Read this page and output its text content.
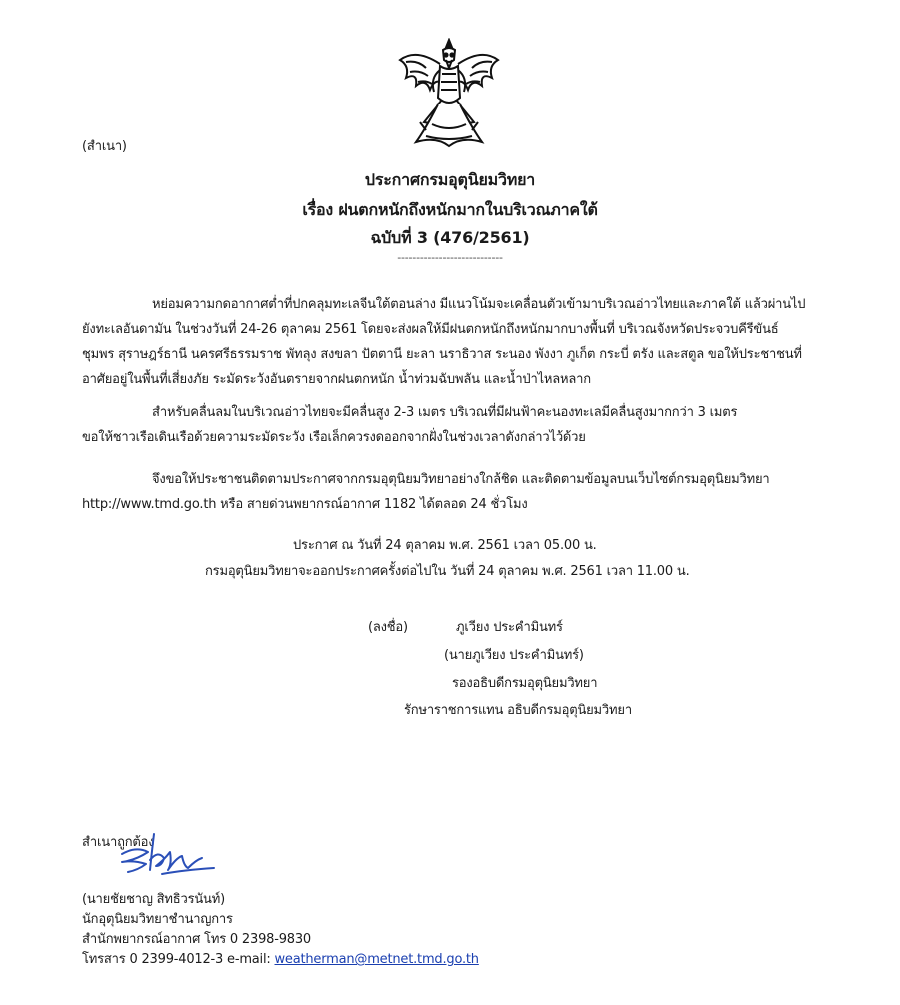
(สำเนา)
ประกาศกรมอุตุนิยมวิทยา
เรื่อง ฝนตกหนักถึงหนักมากในบริเวณภาคใต้
ฉบับที่ 3 (476/2561)
----------------------------
หย่อมความกดอากาศต่ำที่ปกคลุมทะเลจีนใต้ตอนล่าง มีแนวโน้มจะเคลื่อนตัวเข้ามาบริเวณอ่าวไทยและภาคใต้ แล้วผ่านไป
ยังทะเลอันดามัน ในช่วงวันที่ 24-26 ตุลาคม 2561 โดยจะส่งผลให้มีฝนตกหนักถึงหนักมากบางพื้นที่ บริเวณจังหวัดประจวบคีรีขันธ์
ชุมพร สุราษฎร์ธานี นครศรีธรรมราช พัทลุง สงขลา ปัตตานี ยะลา นราธิวาส ระนอง พังงา ภูเก็ต กระบี่ ตรัง และสตูล ขอให้ประชาชนที่
อาศัยอยู่ในพื้นที่เสี่ยงภัย ระมัดระวังอันตรายจากฝนตกหนัก น้ำท่วมฉับพลัน และน้ำป่าไหลหลาก
สำหรับคลื่นลมในบริเวณอ่าวไทยจะมีคลื่นสูง 2-3 เมตร บริเวณที่มีฝนฟ้าคะนองทะเลมีคลื่นสูงมากกว่า 3 เมตร
ขอให้ชาวเรือเดินเรือด้วยความระมัดระวัง เรือเล็กควรงดออกจากฝั่งในช่วงเวลาดังกล่าวไว้ด้วย
จึงขอให้ประชาชนติดตามประกาศจากกรมอุตุนิยมวิทยาอย่างใกล้ชิด และติดตามข้อมูลบนเว็บไซต์กรมอุตุนิยมวิทยา
http://www.tmd.go.th หรือ สายด่วนพยากรณ์อากาศ 1182 ได้ตลอด 24 ชั่วโมง
ประกาศ ณ วันที่ 24 ตุลาคม พ.ศ. 2561 เวลา 05.00 น.
กรมอุตุนิยมวิทยาจะออกประกาศครั้งต่อไปใน วันที่ 24 ตุลาคม พ.ศ. 2561 เวลา 11.00 น.
(ลงชื่อ)	ภูเวียง ประคำมินทร์
(นายภูเวียง ประคำมินทร์)
รองอธิบดีกรมอุตุนิยมวิทยา
รักษาราชการแทน อธิบดีกรมอุตุนิยมวิทยา
สำเนาถูกต้อง
(นายชัยชาญ สิทธิวรนันท์)
นักอุตุนิยมวิทยาชำนาญการ
สำนักพยากรณ์อากาศ โทร 0 2398-9830
โทรสาร 0 2399-4012-3 e-mail: weatherman@metnet.tmd.go.th
